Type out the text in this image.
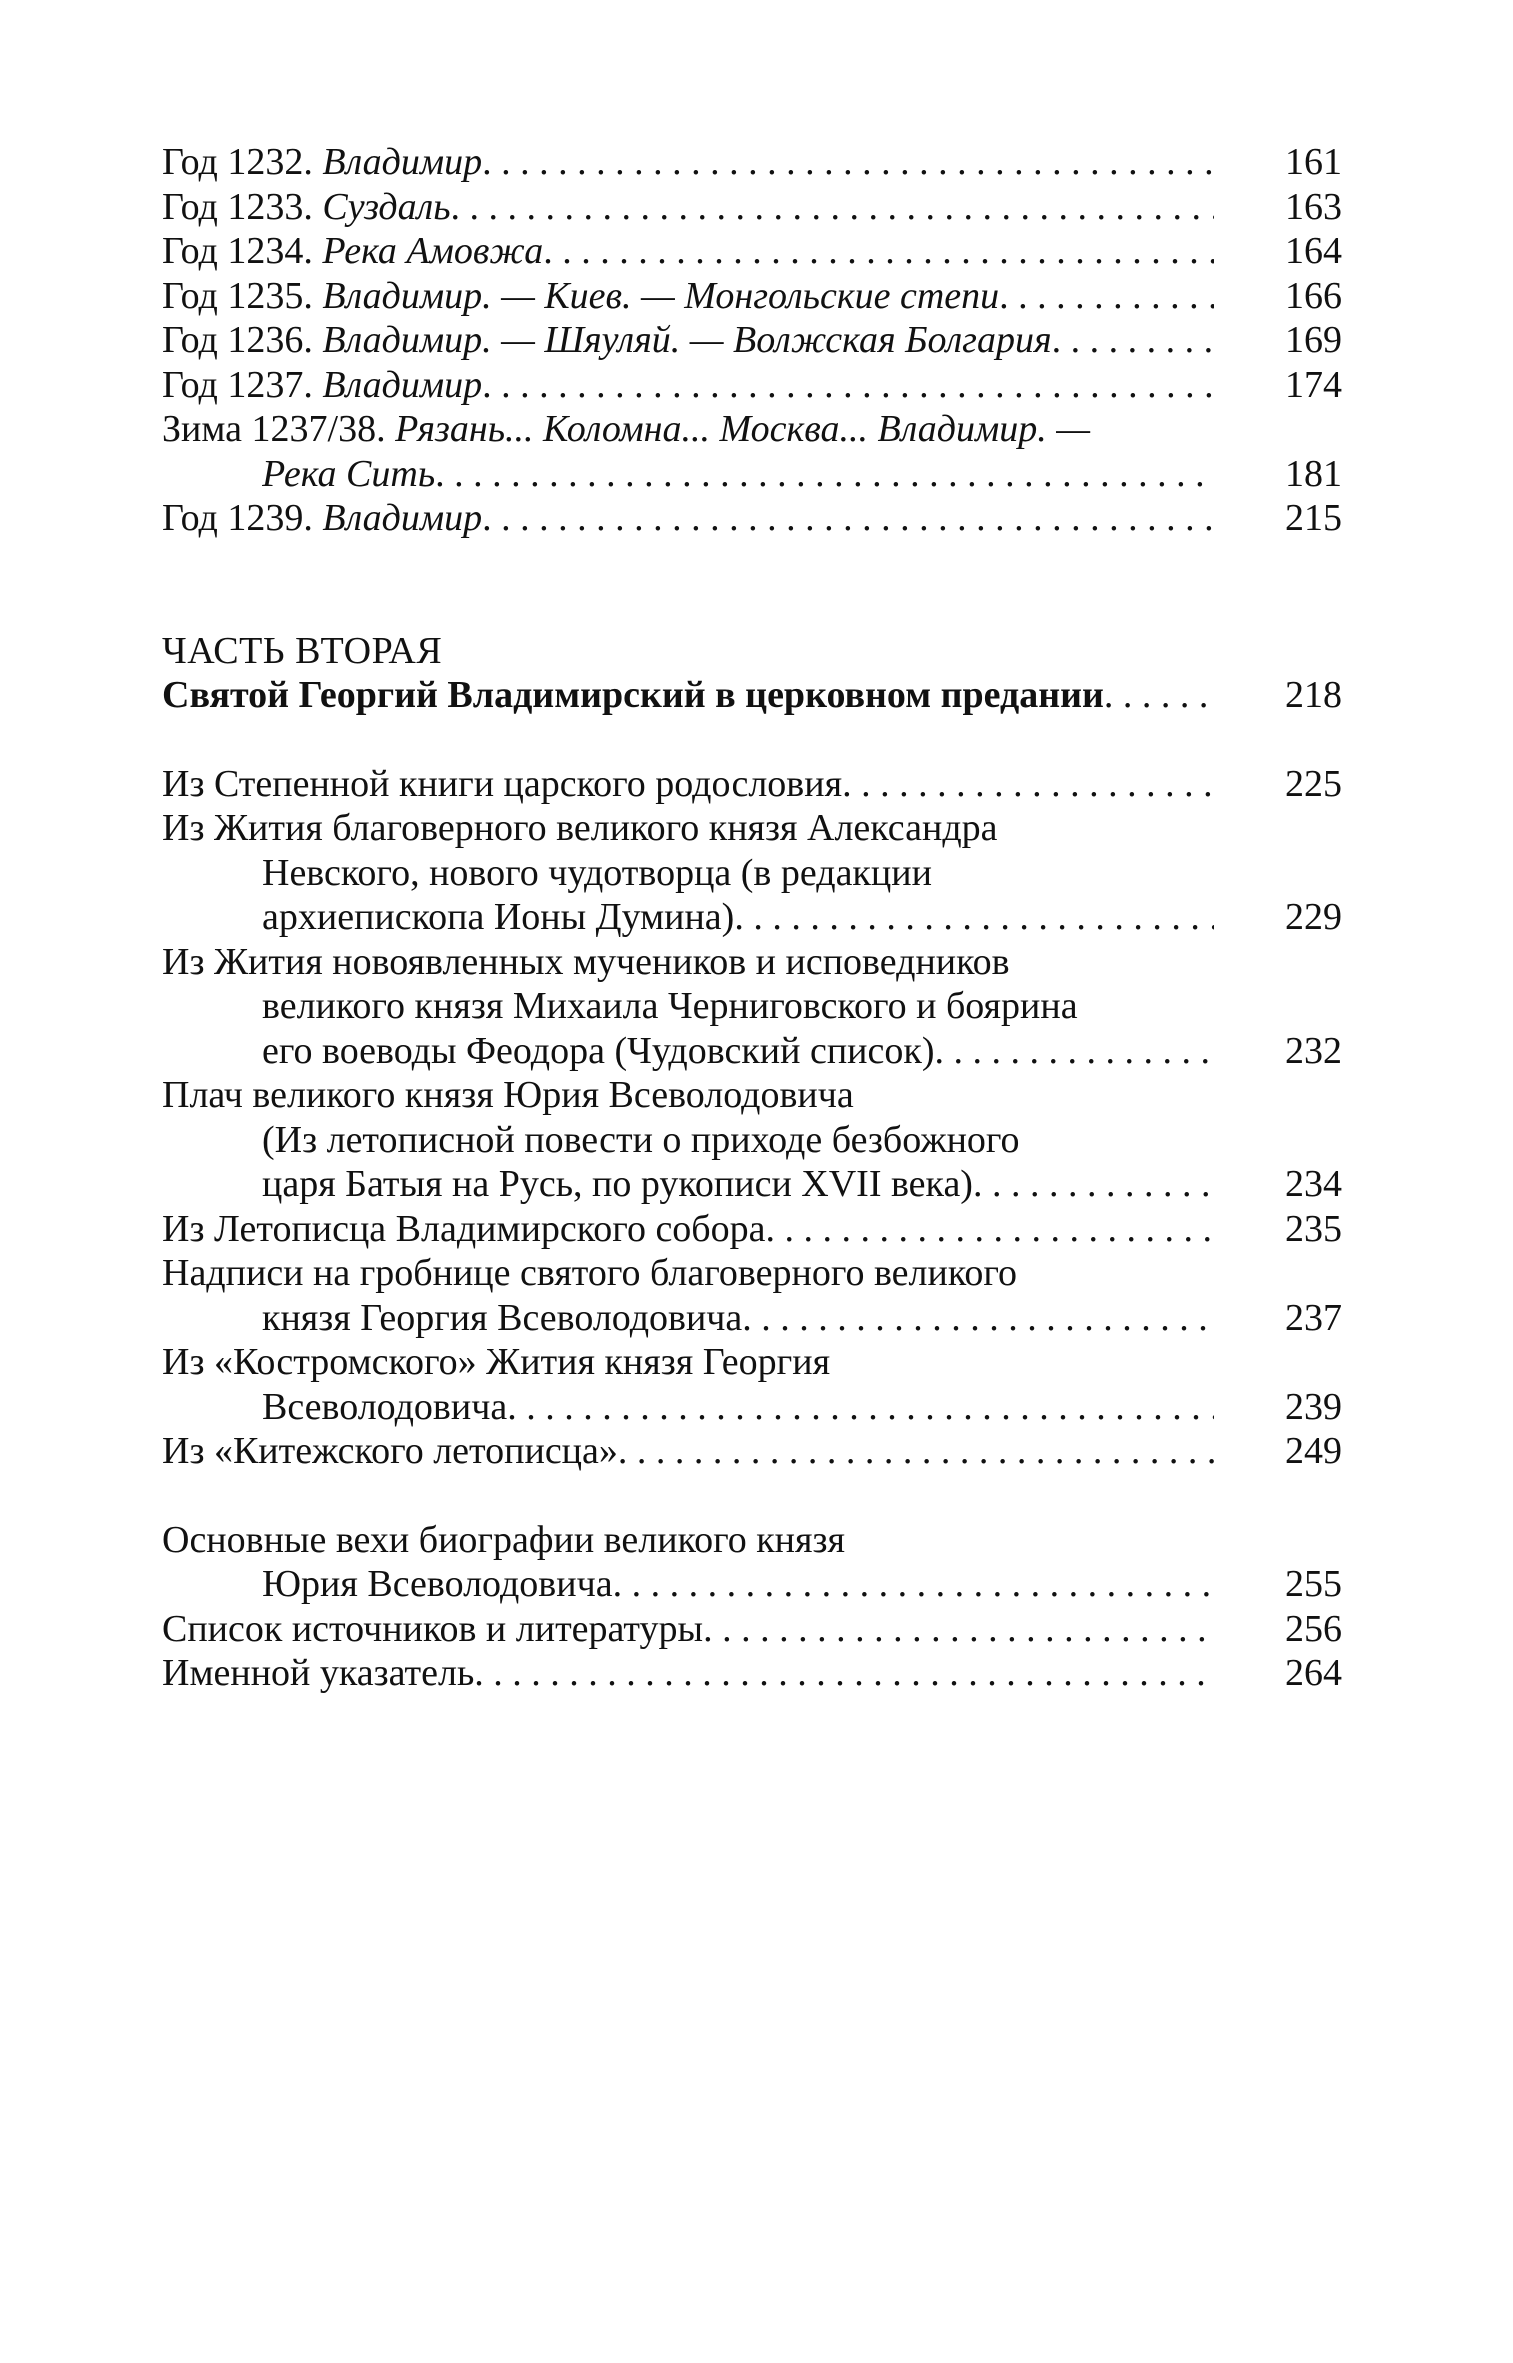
Год 1232. Владимир . . .	161
Год 1233. Суздаль . . .	163
Год 1234. Река Амовжа . . .	164
Год 1235. Владимир. — Киев. — Монгольские степи . . .	166
Год 1236. Владимир. — Шяуляй. — Волжская Болгария . . .	169
Год 1237. Владимир . . .	174
Зима 1237/38. Рязань... Коломна... Москва... Владимир. —
Река Сить . . .	181
Год 1239. Владимир . . .	215
ЧАСТЬ ВТОРАЯ
Святой Георгий Владимирский в церковном предании . . .	218
Из Степенной книги царского родословия . . .	225
Из Жития благоверного великого князя Александра
Невского, нового чудотворца (в редакции
архиепископа Ионы Думина) . . .	229
Из Жития новоявленных мучеников и исповедников
великого князя Михаила Черниговского и боярина
его воеводы Феодора (Чудовский список) . . .	232
Плач великого князя Юрия Всеволодовича
(Из летописной повести о приходе безбожного
царя Батыя на Русь, по рукописи XVII века) . . .	234
Из Летописца Владимирского собора . . .	235
Надписи на гробнице святого благоверного великого
князя Георгия Всеволодовича . . .	237
Из «Костромского» Жития князя Георгия
Всеволодовича . . .	239
Из «Китежского летописца» . . .	249
Основные вехи биографии великого князя
Юрия Всеволодовича . . .	255
Список источников и литературы . . .	256
Именной указатель . . .	264
